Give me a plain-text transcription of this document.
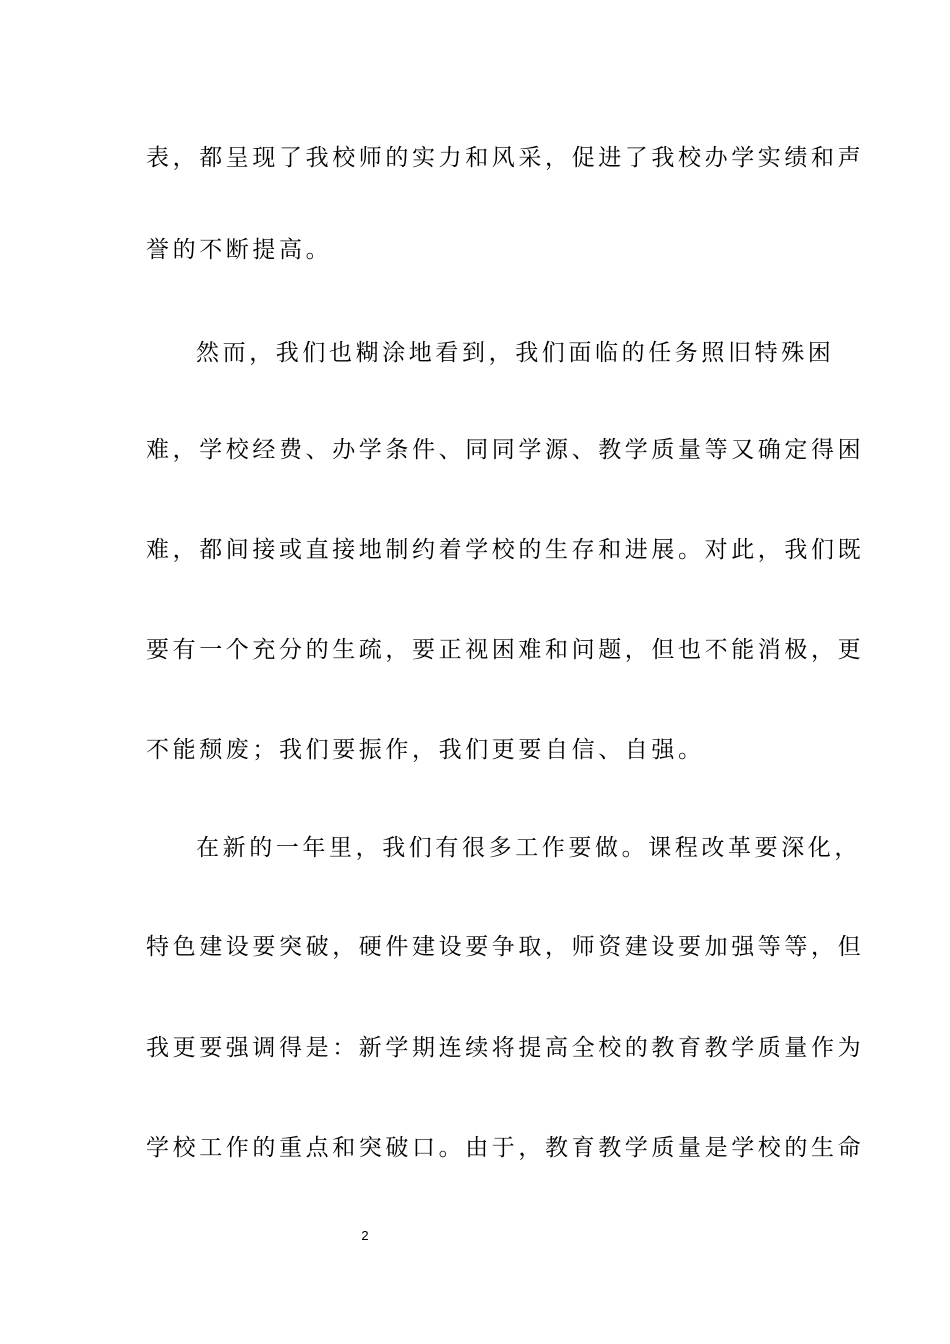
表，都呈现了我校师的实力和风采，促进了我校办学实绩和声
誉的不断提高。
然而，我们也糊涂地看到，我们面临的任务照旧特殊困
难，学校经费、办学条件、同同学源、教学质量等又确定得困
难，都间接或直接地制约着学校的生存和进展。对此，我们既
要有一个充分的生疏，要正视困难和问题，但也不能消极，更
不能颓废；我们要振作，我们更要自信、自强。
在新的一年里，我们有很多工作要做。课程改革要深化，
特色建设要突破，硬件建设要争取，师资建设要加强等等，但
我更要强调得是：新学期连续将提高全校的教育教学质量作为
学校工作的重点和突破口。由于，教育教学质量是学校的生命
2
